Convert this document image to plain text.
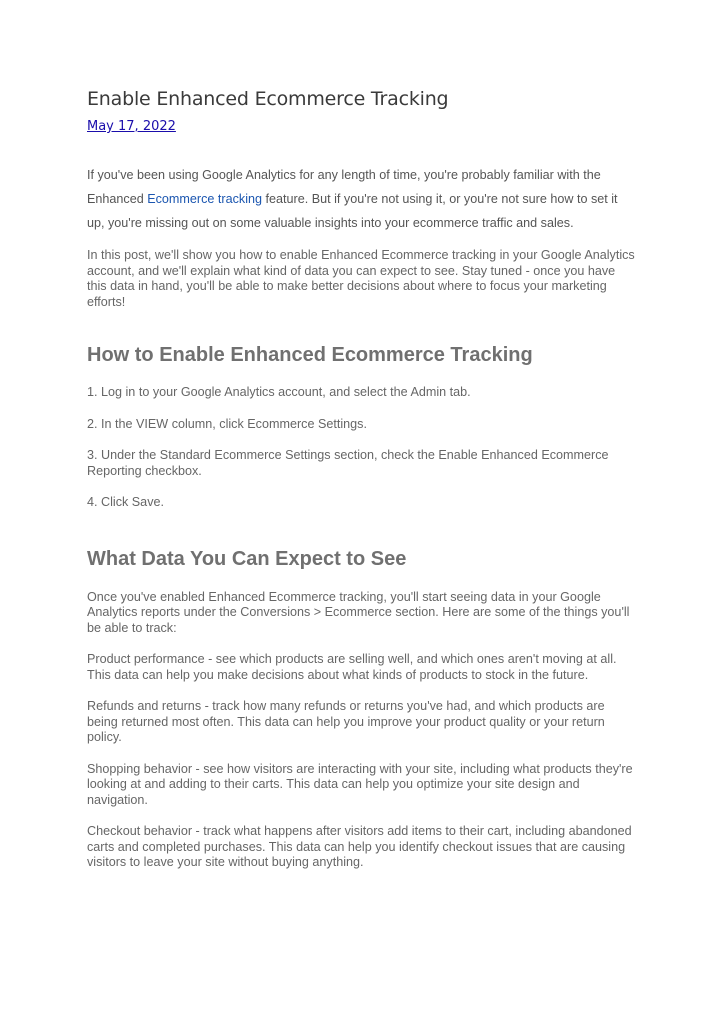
Enable Enhanced Ecommerce Tracking
May 17, 2022

If you've been using Google Analytics for any length of time, you're probably familiar with the Enhanced Ecommerce tracking feature. But if you're not using it, or you're not sure how to set it up, you're missing out on some valuable insights into your ecommerce traffic and sales.

In this post, we'll show you how to enable Enhanced Ecommerce tracking in your Google Analytics account, and we'll explain what kind of data you can expect to see. Stay tuned - once you have this data in hand, you'll be able to make better decisions about where to focus your marketing efforts!

How to Enable Enhanced Ecommerce Tracking

1. Log in to your Google Analytics account, and select the Admin tab.

2. In the VIEW column, click Ecommerce Settings.

3. Under the Standard Ecommerce Settings section, check the Enable Enhanced Ecommerce Reporting checkbox.

4. Click Save.

What Data You Can Expect to See

Once you've enabled Enhanced Ecommerce tracking, you'll start seeing data in your Google Analytics reports under the Conversions > Ecommerce section. Here are some of the things you'll be able to track:

Product performance - see which products are selling well, and which ones aren't moving at all. This data can help you make decisions about what kinds of products to stock in the future.

Refunds and returns - track how many refunds or returns you've had, and which products are being returned most often. This data can help you improve your product quality or your return policy.

Shopping behavior - see how visitors are interacting with your site, including what products they're looking at and adding to their carts. This data can help you optimize your site design and navigation.

Checkout behavior - track what happens after visitors add items to their cart, including abandoned carts and completed purchases. This data can help you identify checkout issues that are causing visitors to leave your site without buying anything.
